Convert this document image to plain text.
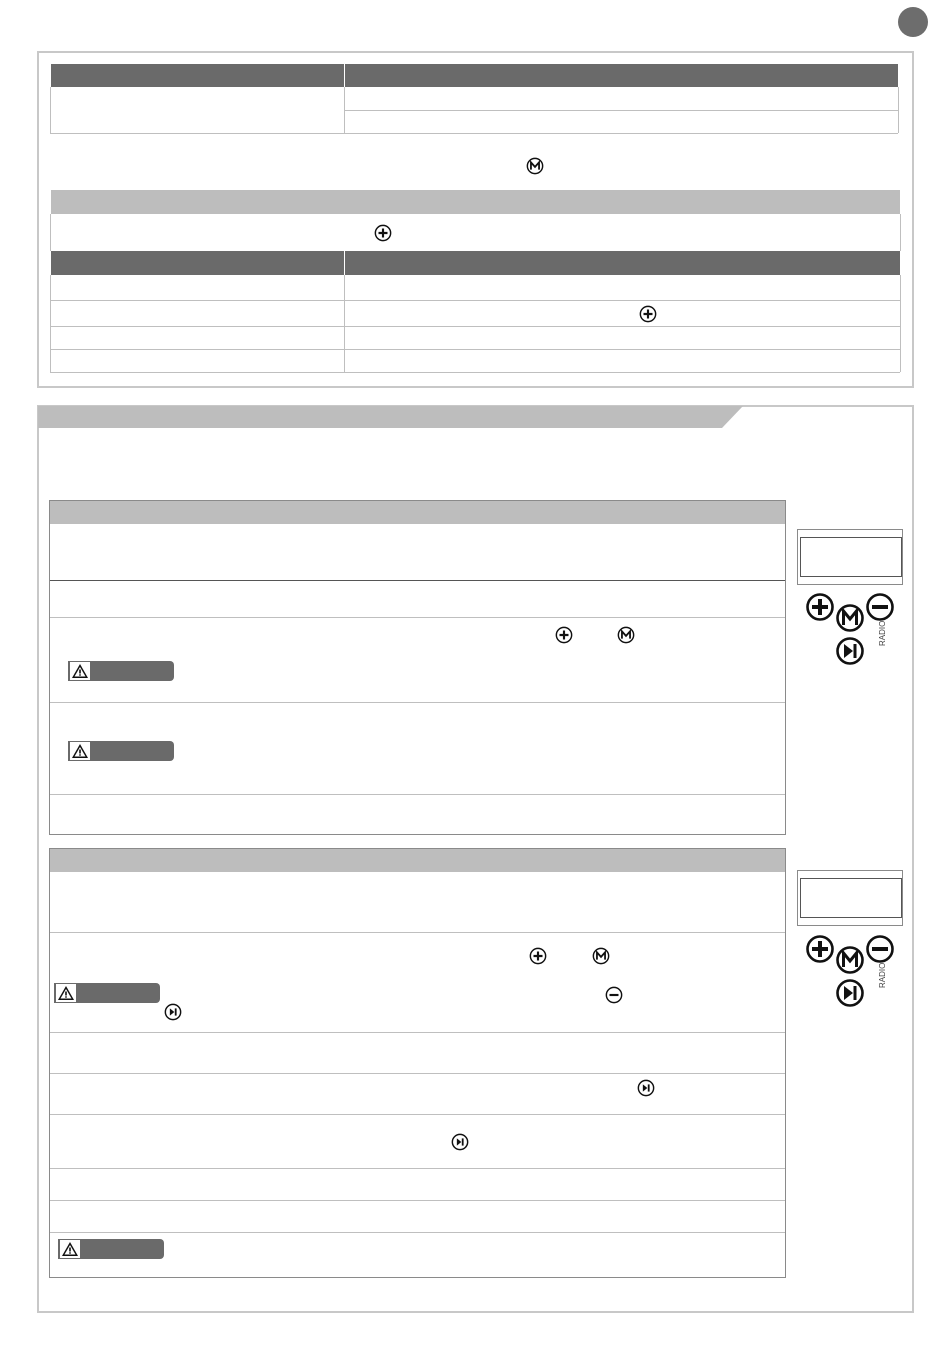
RADIO
RADIO
